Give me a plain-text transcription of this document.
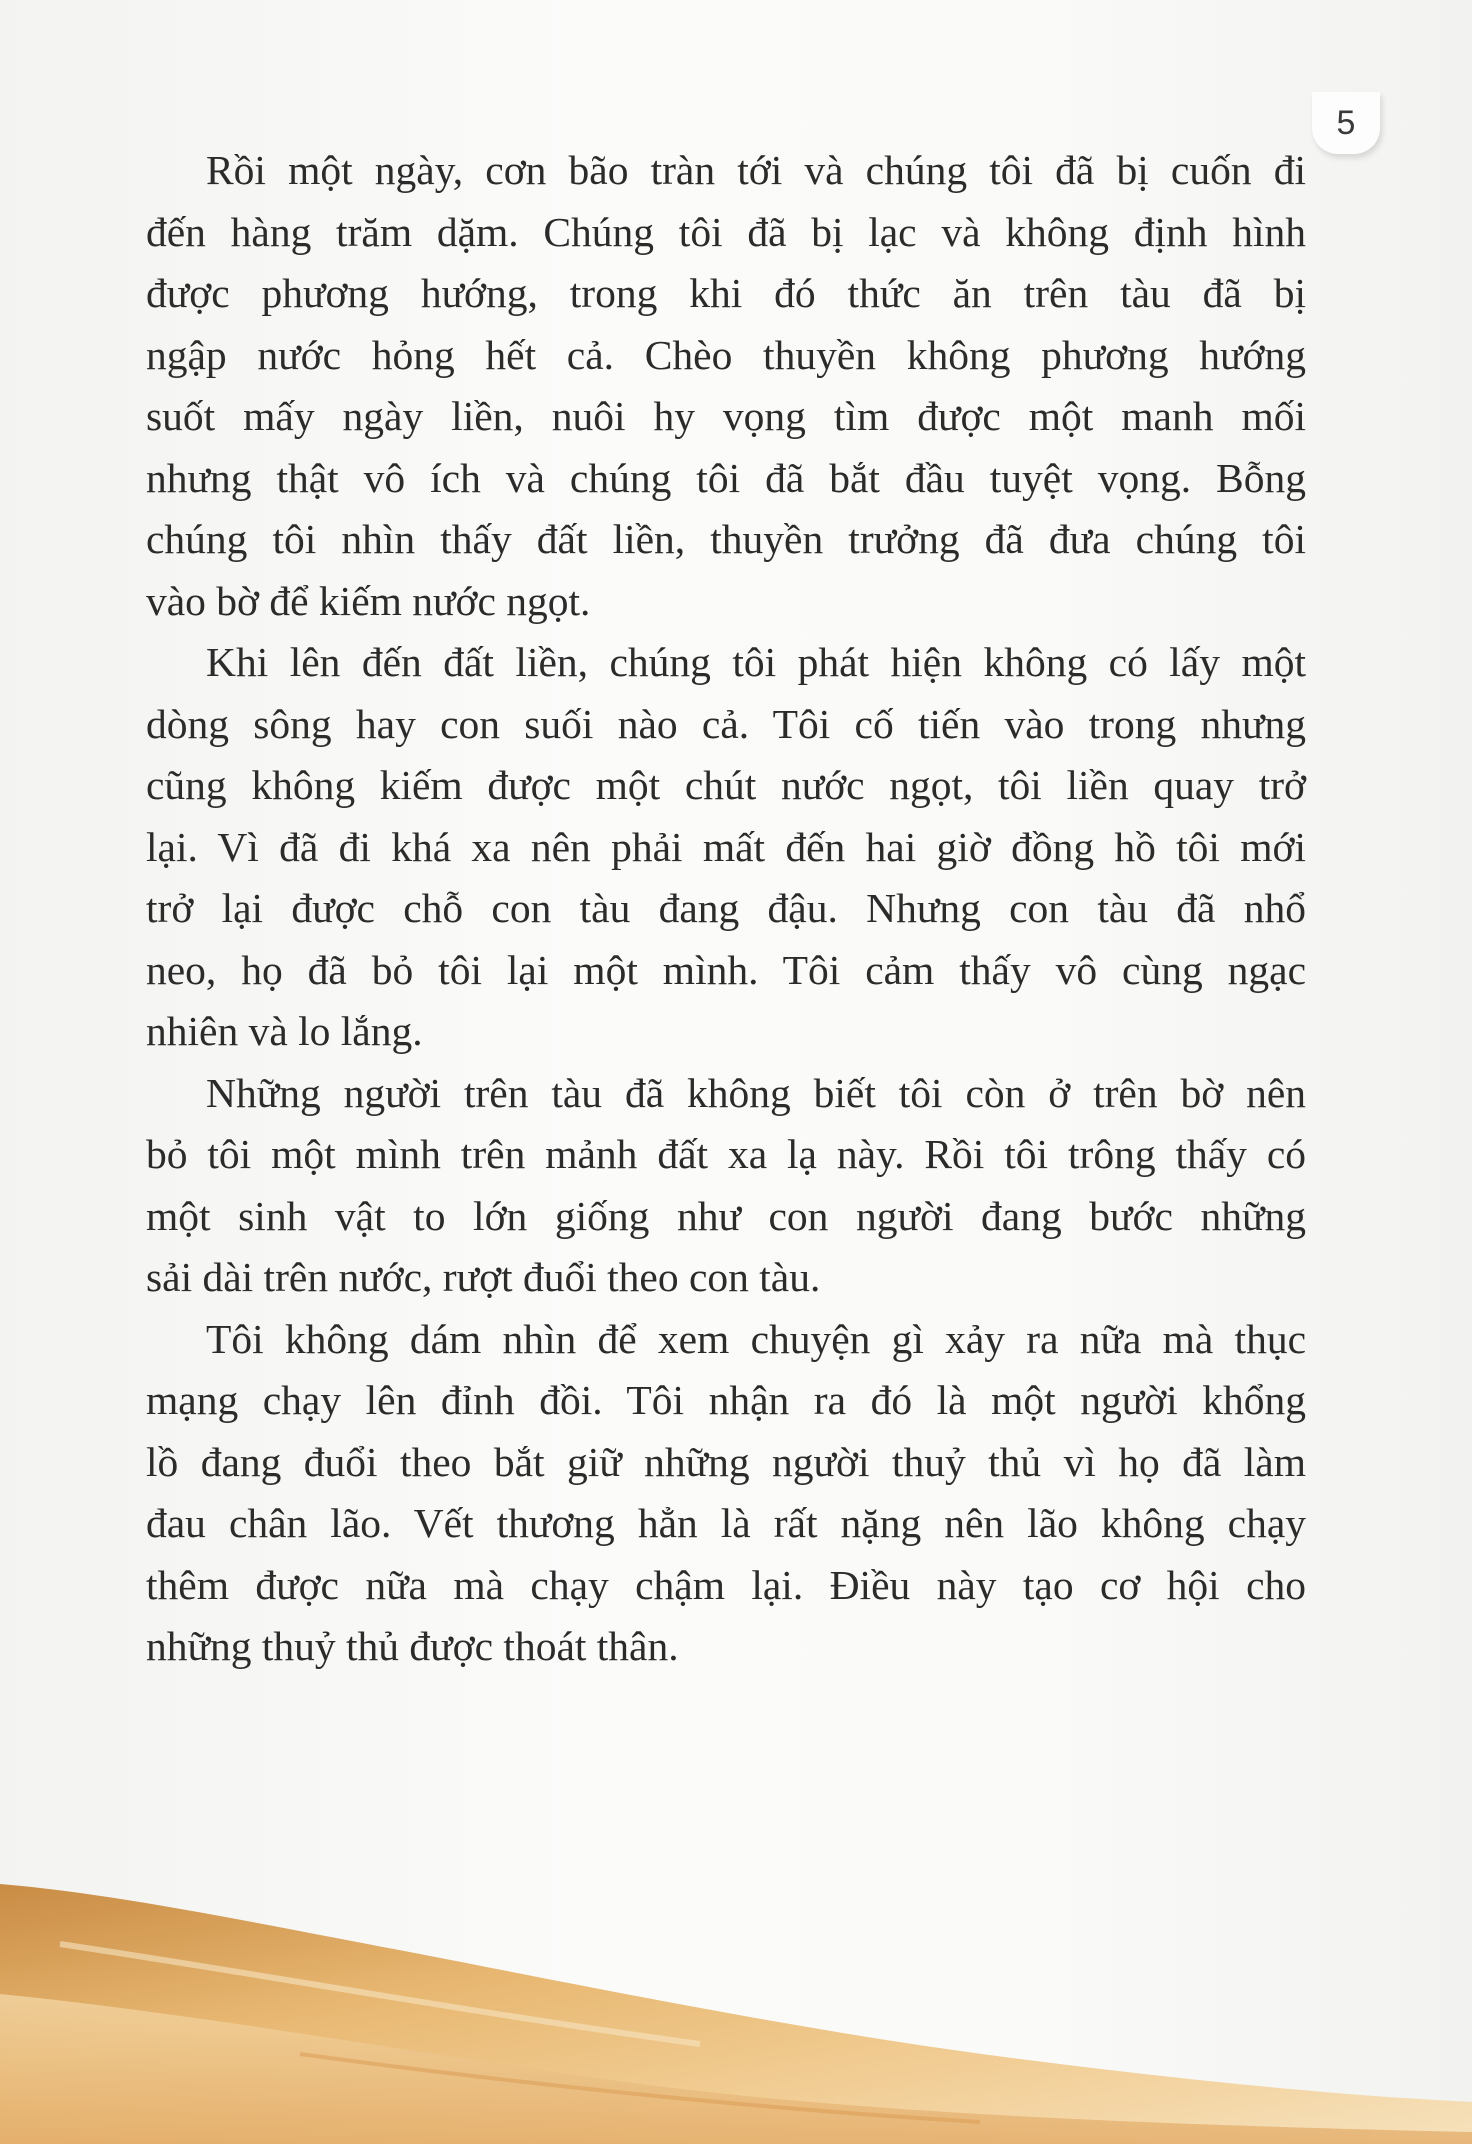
5

Rồi một ngày, cơn bão tràn tới và chúng tôi đã bị cuốn đi
đến hàng trăm dặm. Chúng tôi đã bị lạc và không định hình
được phương hướng, trong khi đó thức ăn trên tàu đã bị
ngập nước hỏng hết cả. Chèo thuyền không phương hướng
suốt mấy ngày liền, nuôi hy vọng tìm được một manh mối
nhưng thật vô ích và chúng tôi đã bắt đầu tuyệt vọng. Bỗng
chúng tôi nhìn thấy đất liền, thuyền trưởng đã đưa chúng tôi
vào bờ để kiếm nước ngọt.

Khi lên đến đất liền, chúng tôi phát hiện không có lấy một
dòng sông hay con suối nào cả. Tôi cố tiến vào trong nhưng
cũng không kiếm được một chút nước ngọt, tôi liền quay trở
lại. Vì đã đi khá xa nên phải mất đến hai giờ đồng hồ tôi mới
trở lại được chỗ con tàu đang đậu. Nhưng con tàu đã nhổ
neo, họ đã bỏ tôi lại một mình. Tôi cảm thấy vô cùng ngạc
nhiên và lo lắng.

Những người trên tàu đã không biết tôi còn ở trên bờ nên
bỏ tôi một mình trên mảnh đất xa lạ này. Rồi tôi trông thấy có
một sinh vật to lớn giống như con người đang bước những
sải dài trên nước, rượt đuổi theo con tàu.

Tôi không dám nhìn để xem chuyện gì xảy ra nữa mà thục
mạng chạy lên đỉnh đồi. Tôi nhận ra đó là một người khổng
lồ đang đuổi theo bắt giữ những người thuỷ thủ vì họ đã làm
đau chân lão. Vết thương hẳn là rất nặng nên lão không chạy
thêm được nữa mà chạy chậm lại. Điều này tạo cơ hội cho
những thuỷ thủ được thoát thân.
